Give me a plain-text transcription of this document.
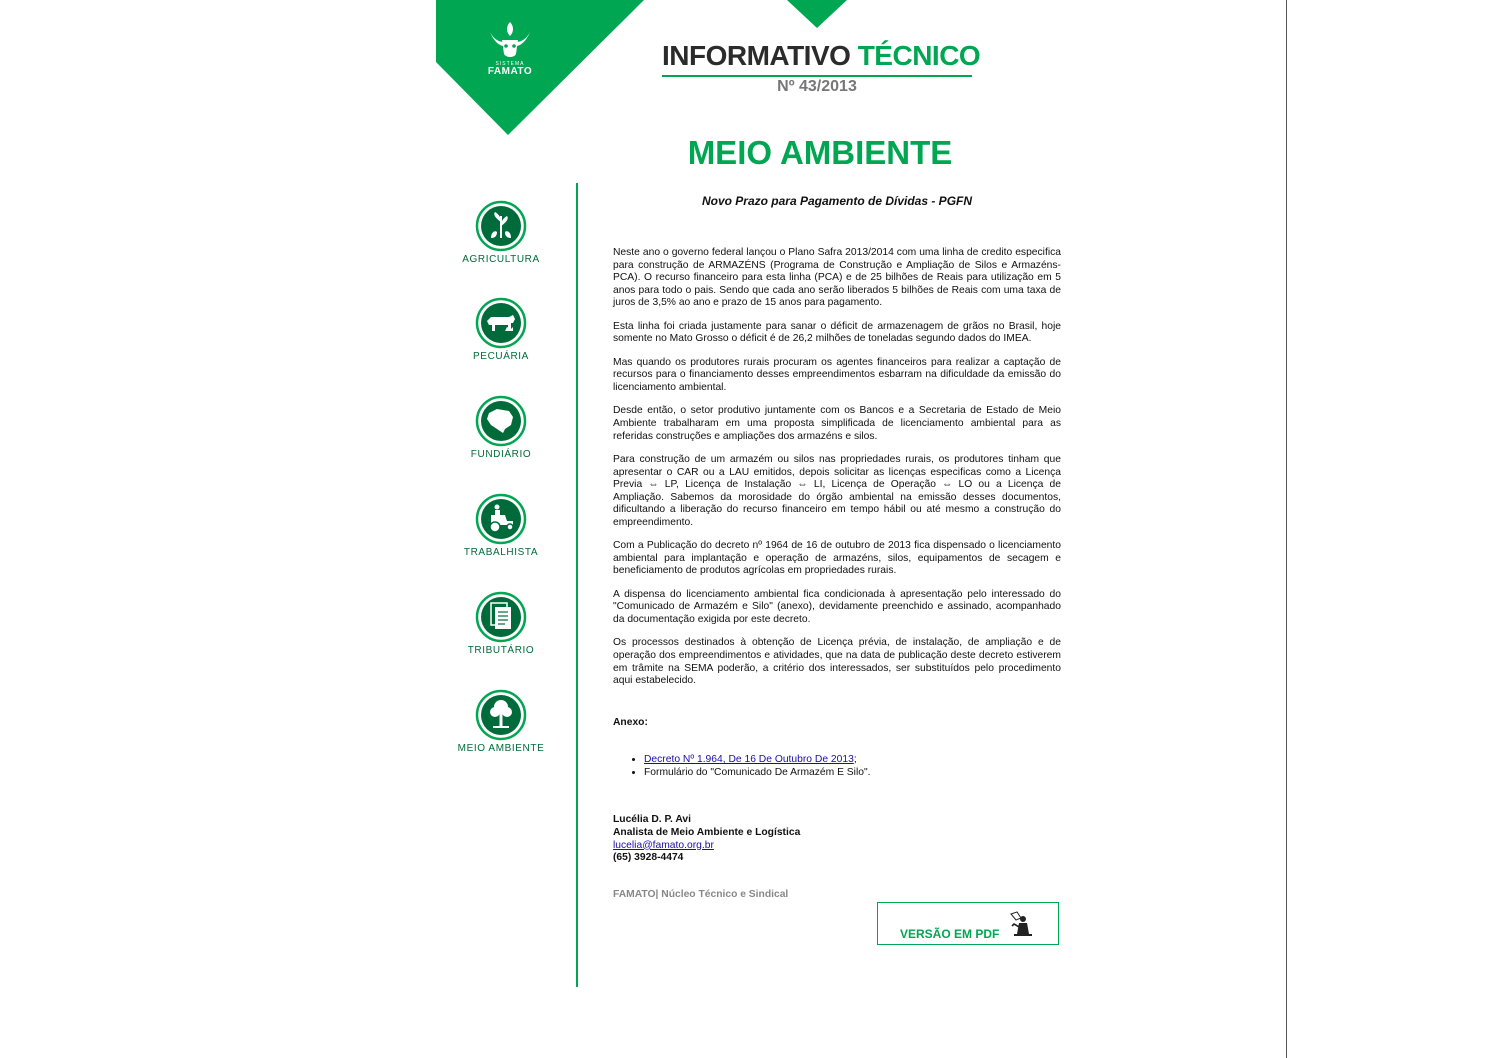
SISTEMA
FAMATO
INFORMATIVO TÉCNICO
Nº 43/2013
MEIO AMBIENTE
AGRICULTURA
PECUÁRIA
FUNDIÁRIO
TRABALHISTA
TRIBUTÁRIO
MEIO AMBIENTE
Novo Prazo para Pagamento de Dívidas - PGFN

Neste ano o governo federal lançou o Plano Safra 2013/2014 com uma linha de credito especifica para construção de ARMAZÉNS (Programa de Construção e Ampliação de Silos e Armazéns- PCA). O recurso financeiro para esta linha (PCA) e de 25 bilhões de Reais para utilização em 5 anos para todo o pais. Sendo que cada ano serão liberados 5 bilhões de Reais com uma taxa de juros de 3,5% ao ano e prazo de 15 anos para pagamento.

Esta linha foi criada justamente para sanar o déficit de armazenagem de grãos no Brasil, hoje somente no Mato Grosso o déficit é de 26,2 milhões de toneladas segundo dados do IMEA.

Mas quando os produtores rurais procuram os agentes financeiros para realizar a captação de recursos para o financiamento desses empreendimentos esbarram na dificuldade da emissão do licenciamento ambiental.

Desde então, o setor produtivo juntamente com os Bancos e a Secretaria de Estado de Meio Ambiente trabalharam em uma proposta simplificada de licenciamento ambiental para as referidas construções e ampliações dos armazéns e silos.

Para construção de um armazém ou silos nas propriedades rurais, os produtores tinham que apresentar o CAR ou a LAU emitidos, depois solicitar as licenças especificas como a Licença Previa ⇔ LP, Licença de Instalação ⇔ LI, Licença de Operação ⇔ LO ou a Licença de Ampliação. Sabemos da morosidade do órgão ambiental na emissão desses documentos, dificultando a liberação do recurso financeiro em tempo hábil ou até mesmo a construção do empreendimento.

Com a Publicação do decreto nº 1964 de 16 de outubro de 2013 fica dispensado o licenciamento ambiental para implantação e operação de armazéns, silos, equipamentos de secagem e beneficiamento de produtos agrícolas em propriedades rurais.

A dispensa do licenciamento ambiental fica condicionada à apresentação pelo interessado do "Comunicado de Armazém e Silo" (anexo), devidamente preenchido e assinado, acompanhado da documentação exigida por este decreto.

Os processos destinados à obtenção de Licença prévia, de instalação, de ampliação e de operação dos empreendimentos e atividades, que na data de publicação deste decreto estiverem em trâmite na SEMA poderão, a critério dos interessados, ser substituídos pelo procedimento aqui estabelecido.

Anexo:
• Decreto Nº 1.964, De 16 De Outubro De 2013;
• Formulário do "Comunicado De Armazém E Silo".
Lucélia D. P. Avi
Analista de Meio Ambiente e Logística
lucelia@famato.org.br
(65) 3928-4474
FAMATO| Núcleo Técnico e Sindical
VERSÃO EM PDF
